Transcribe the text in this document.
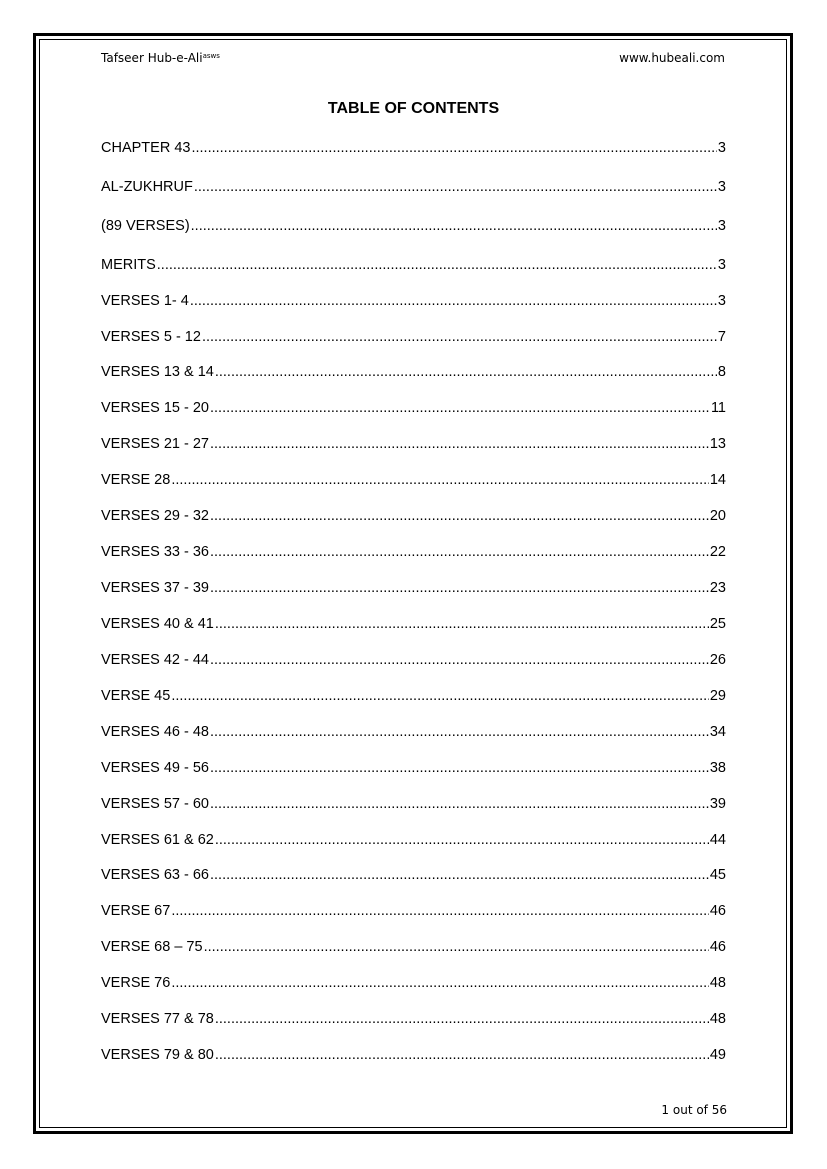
Tafseer Hub-e-Ali$^{asws}$	www.hubeali.com
TABLE OF CONTENTS
CHAPTER 43 .....	3
AL-ZUKHRUF .....	3
(89 VERSES) .....	3
MERITS .....	3
VERSES 1- 4 .....	3
VERSES 5 - 12 .....	7
VERSES 13 & 14 .....	8
VERSES 15 - 20 .....	11
VERSES 21 - 27 .....	13
VERSE 28 .....	14
VERSES 29 - 32 .....	20
VERSES 33 - 36 .....	22
VERSES 37 - 39 .....	23
VERSES 40 & 41 .....	25
VERSES 42 - 44 .....	26
VERSE 45 .....	29
VERSES 46 - 48 .....	34
VERSES 49 - 56 .....	38
VERSES 57 - 60 .....	39
VERSES 61 & 62 .....	44
VERSES 63 - 66 .....	45
VERSE 67 .....	46
VERSE 68 – 75 .....	46
VERSE 76 .....	48
VERSES 77 & 78 .....	48
VERSES 79 & 80 .....	49
1 out of 56
